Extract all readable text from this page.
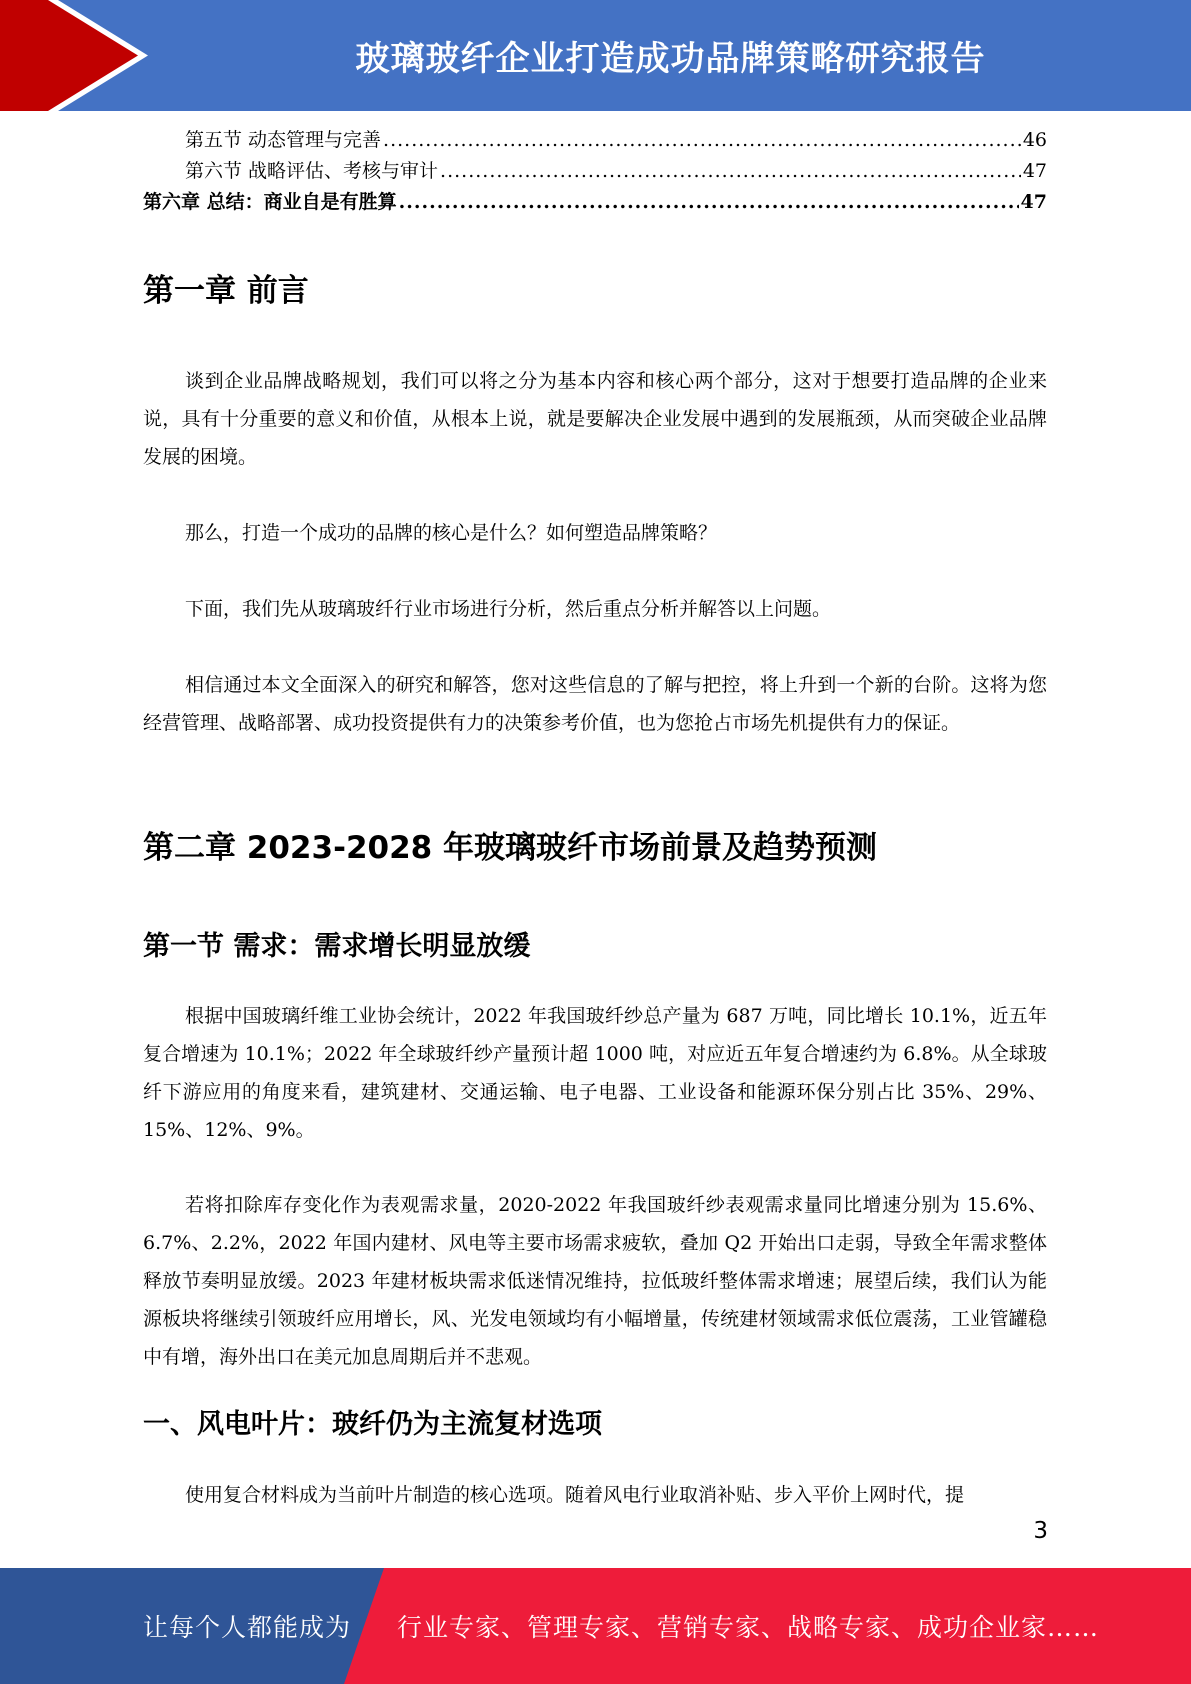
玻璃玻纤企业打造成功品牌策略研究报告
第五节 动态管理与完善 .....	46
第六节 战略评估、考核与审计 .....	47
第六章 总结：商业自是有胜算 .....	47
第一章 前言

谈到企业品牌战略规划，我们可以将之分为基本内容和核心两个部分，这对于想要打造品牌的企业来说，具有十分重要的意义和价值，从根本上说，就是要解决企业发展中遇到的发展瓶颈，从而突破企业品牌发展的困境。

那么，打造一个成功的品牌的核心是什么？如何塑造品牌策略？

下面，我们先从玻璃玻纤行业市场进行分析，然后重点分析并解答以上问题。

相信通过本文全面深入的研究和解答，您对这些信息的了解与把控，将上升到一个新的台阶。这将为您经营管理、战略部署、成功投资提供有力的决策参考价值，也为您抢占市场先机提供有力的保证。

第二章 2023-2028 年玻璃玻纤市场前景及趋势预测
第一节 需求：需求增长明显放缓

根据中国玻璃纤维工业协会统计，2022 年我国玻纤纱总产量为 687 万吨，同比增长 10.1%，近五年复合增速为 10.1%；2022 年全球玻纤纱产量预计超 1000 吨，对应近五年复合增速约为 6.8%。从全球玻纤下游应用的角度来看，建筑建材、交通运输、电子电器、工业设备和能源环保分别占比 35%、29%、15%、12%、9%。

若将扣除库存变化作为表观需求量，2020-2022 年我国玻纤纱表观需求量同比增速分别为 15.6%、6.7%、2.2%，2022 年国内建材、风电等主要市场需求疲软，叠加 Q2 开始出口走弱，导致全年需求整体释放节奏明显放缓。2023 年建材板块需求低迷情况维持，拉低玻纤整体需求增速；展望后续，我们认为能源板块将继续引领玻纤应用增长，风、光发电领域均有小幅增量，传统建材领域需求低位震荡，工业管罐稳中有增，海外出口在美元加息周期后并不悲观。

一、风电叶片：玻纤仍为主流复材选项

使用复合材料成为当前叶片制造的核心选项。随着风电行业取消补贴、步入平价上网时代，提

3
让每个人都能成为 行业专家、管理专家、营销专家、战略专家、成功企业家……
